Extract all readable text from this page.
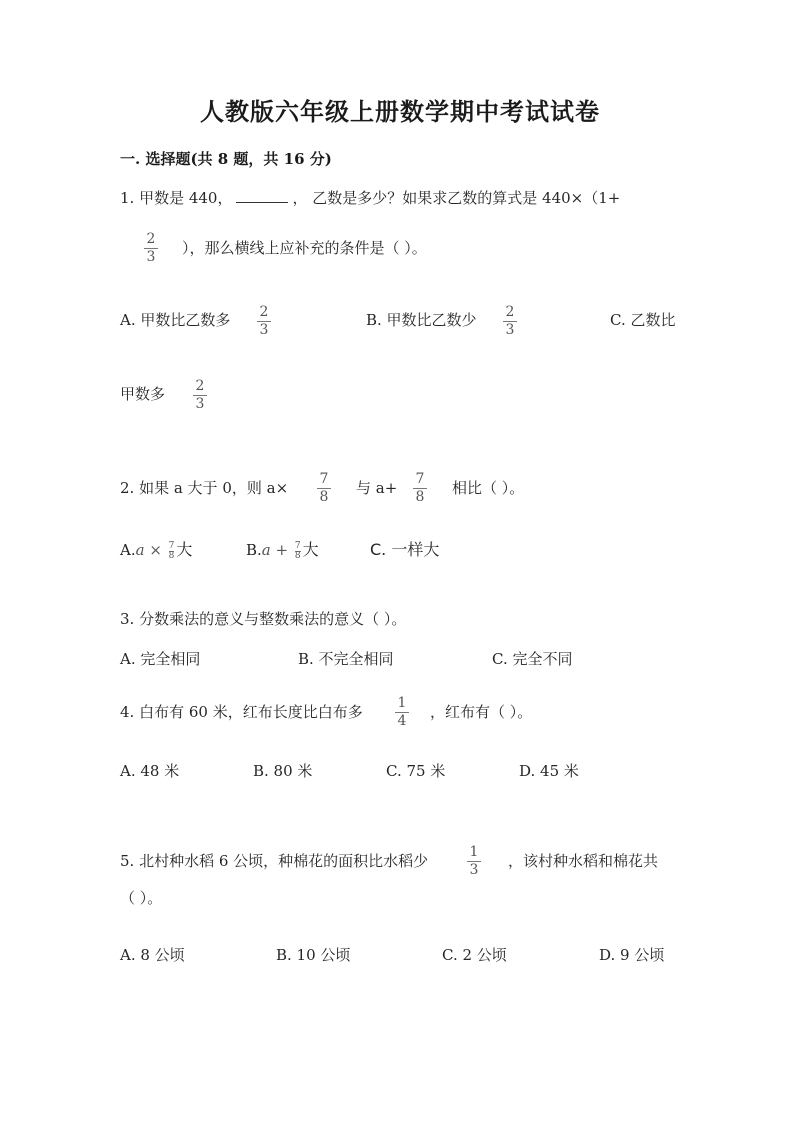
人教版六年级上册数学期中考试试卷
一. 选择题(共 8 题，共 16 分)
1. 甲数是 440，	， 乙数是多少？如果求乙数的算式是 440×（1+
2
3 ），那么横线上应补充的条件是（ ）。
A. 甲数比乙数多 2
3
B. 甲数比乙数少 2
3
C. 乙数比
甲数多 2
3
2. 如果 a 大于 0，则 a× 7
8 与 a+ 7
8 相比（ ）。
$A.a \times \frac{7}{8}$ 大	$B.a + \frac{7}{8}$ 大	C. 一样大
3. 分数乘法的意义与整数乘法的意义（ ）。
A. 完全相同	B. 不完全相同	C. 完全不同
4. 白布有 60 米，红布长度比白布多 1
4 ，红布有（ ）。
A. 48 米	B. 80 米	C. 75 米	D. 45 米
5. 北村种水稻 6 公顷，种棉花的面积比水稻少	1
3 ，该村种水稻和棉花共
（ ）。
A. 8 公顷	B. 10 公顷	C. 2 公顷	D. 9 公顷
